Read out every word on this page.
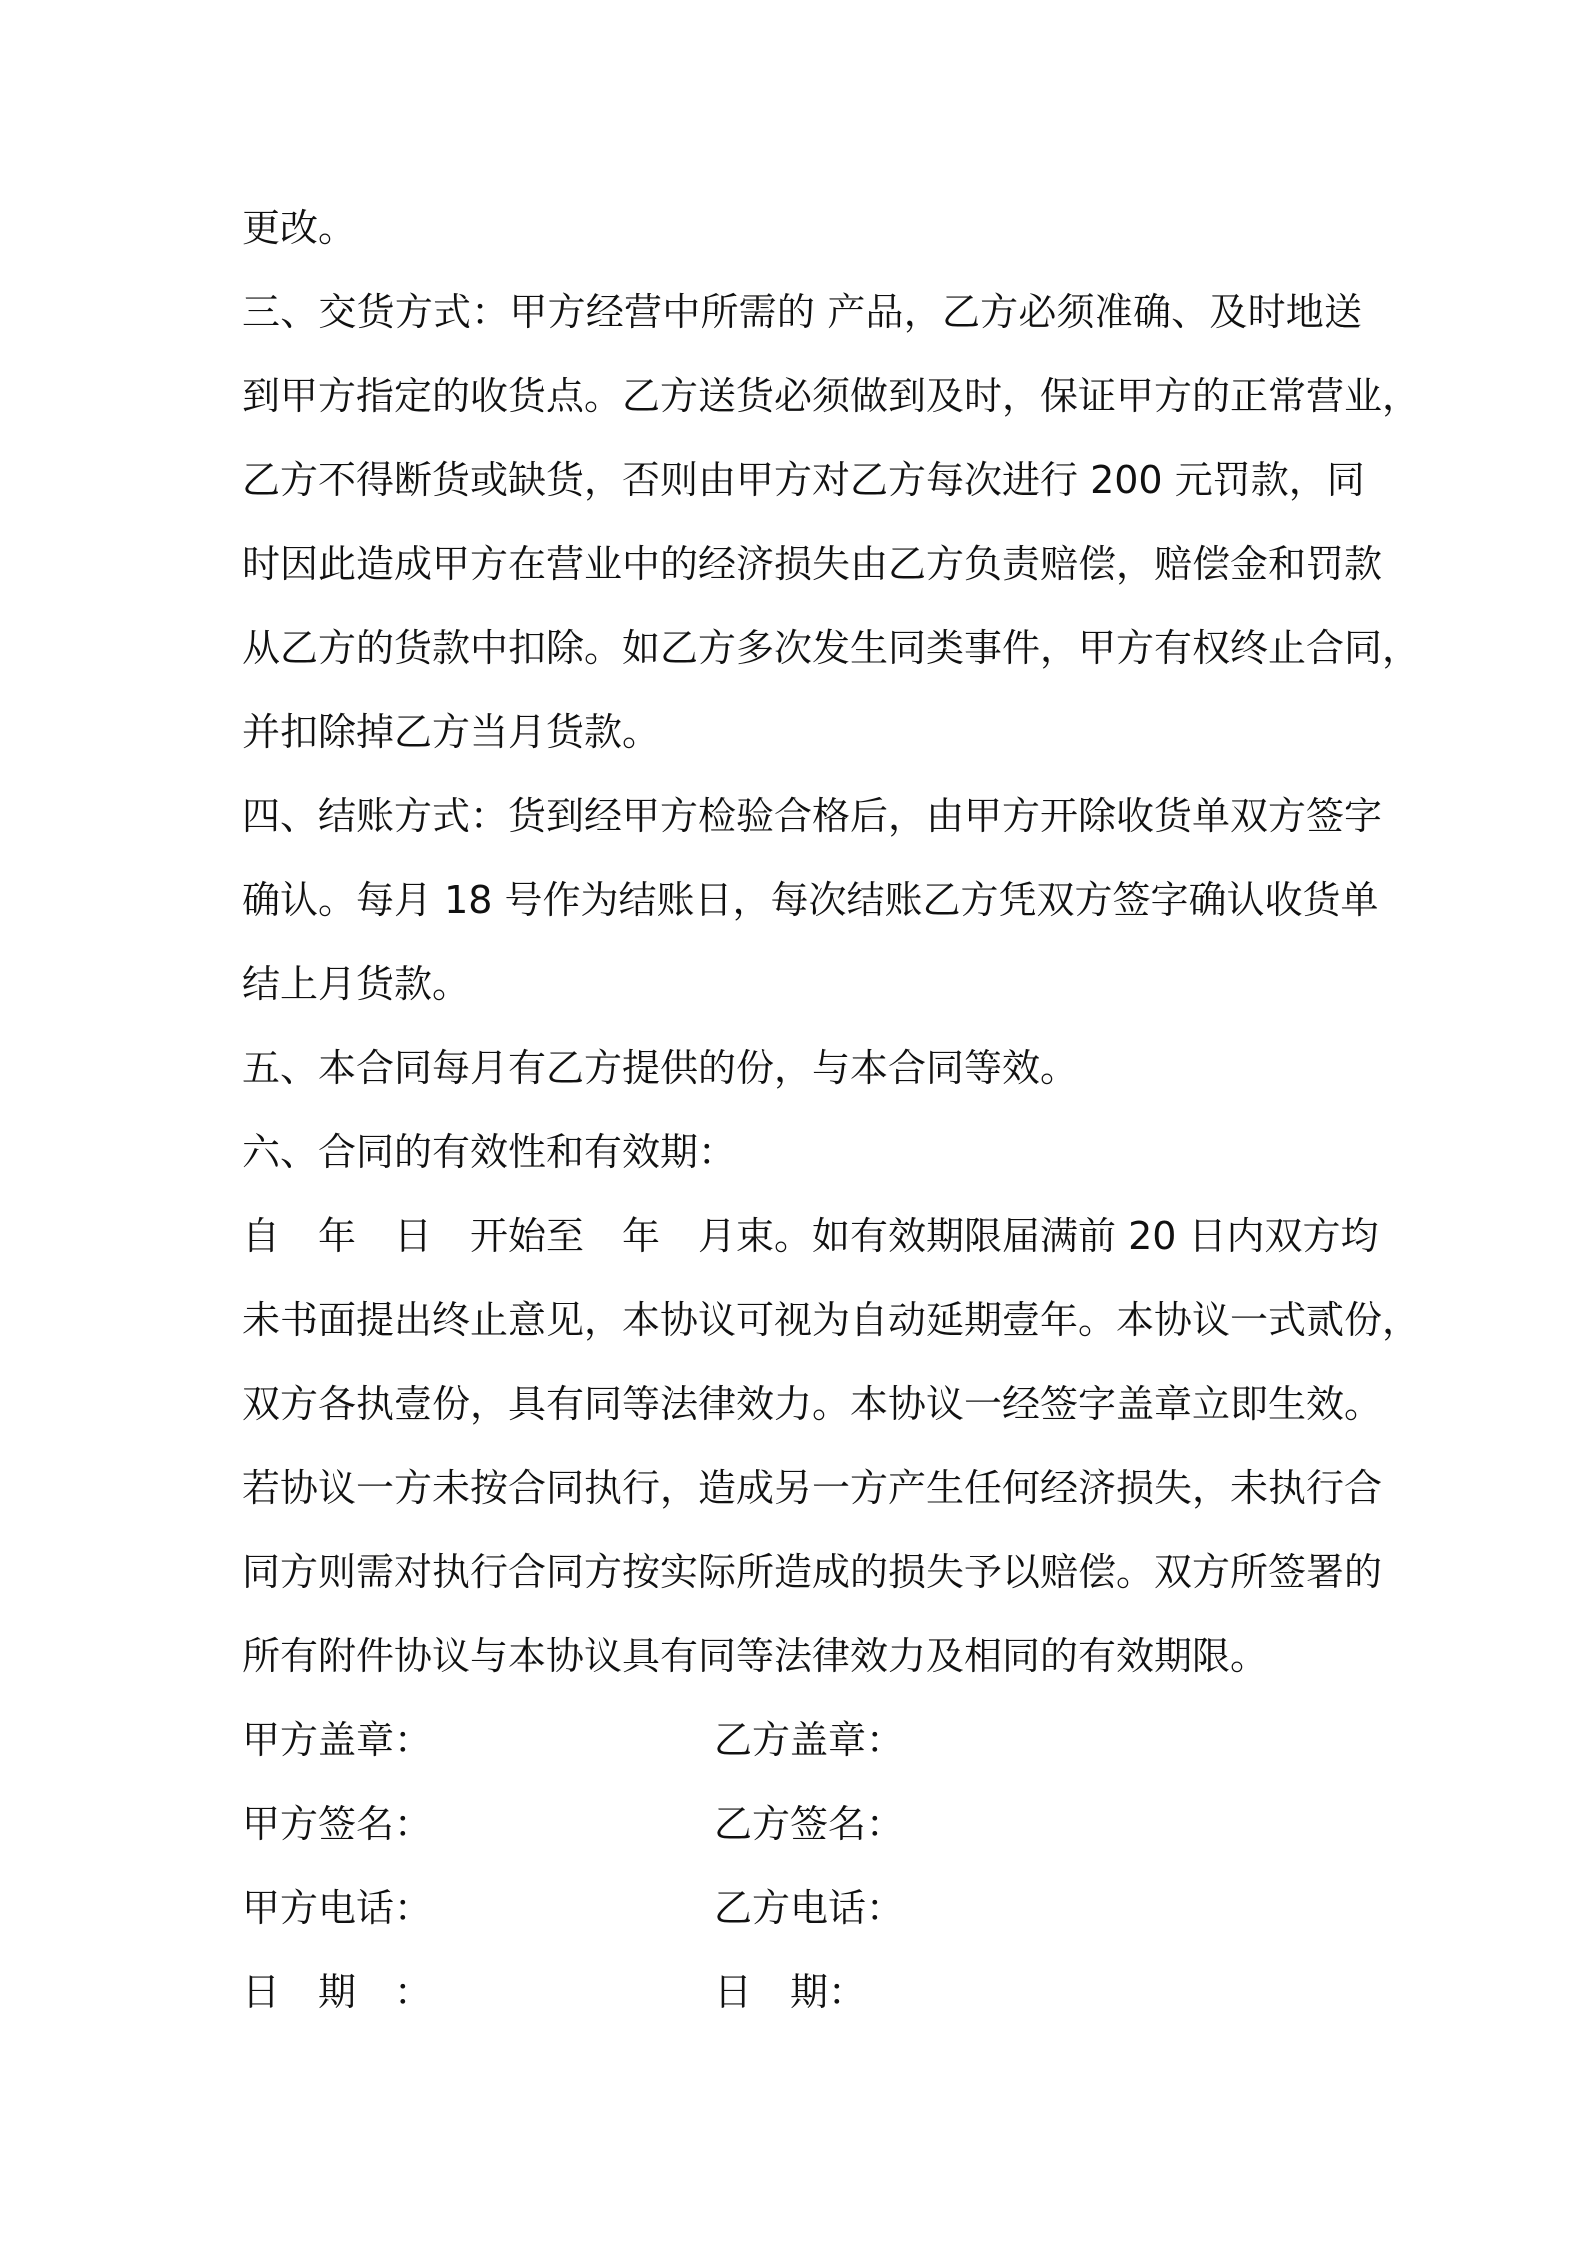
更改。
三、交货方式：甲方经营中所需的 产品，乙方必须准确、及时地送
到甲方指定的收货点。乙方送货必须做到及时，保证甲方的正常营业，
乙方不得断货或缺货，否则由甲方对乙方每次进行 200 元罚款，同
时因此造成甲方在营业中的经济损失由乙方负责赔偿，赔偿金和罚款
从乙方的货款中扣除。如乙方多次发生同类事件，甲方有权终止合同，
并扣除掉乙方当月货款。
四、结账方式：货到经甲方检验合格后，由甲方开除收货单双方签字
确认。每月 18 号作为结账日，每次结账乙方凭双方签字确认收货单
结上月货款。
五、本合同每月有乙方提供的份，与本合同等效。
六、合同的有效性和有效期：
自　年　日　开始至　年　月束。如有效期限届满前 20 日内双方均
未书面提出终止意见，本协议可视为自动延期壹年。本协议一式贰份，
双方各执壹份，具有同等法律效力。本协议一经签字盖章立即生效。
若协议一方未按合同执行，造成另一方产生任何经济损失，未执行合
同方则需对执行合同方按实际所造成的损失予以赔偿。双方所签署的
所有附件协议与本协议具有同等法律效力及相同的有效期限。
甲方盖章：	乙方盖章：
甲方签名：	乙方签名：
甲方电话：	乙方电话：
日　期　：	日　期：
